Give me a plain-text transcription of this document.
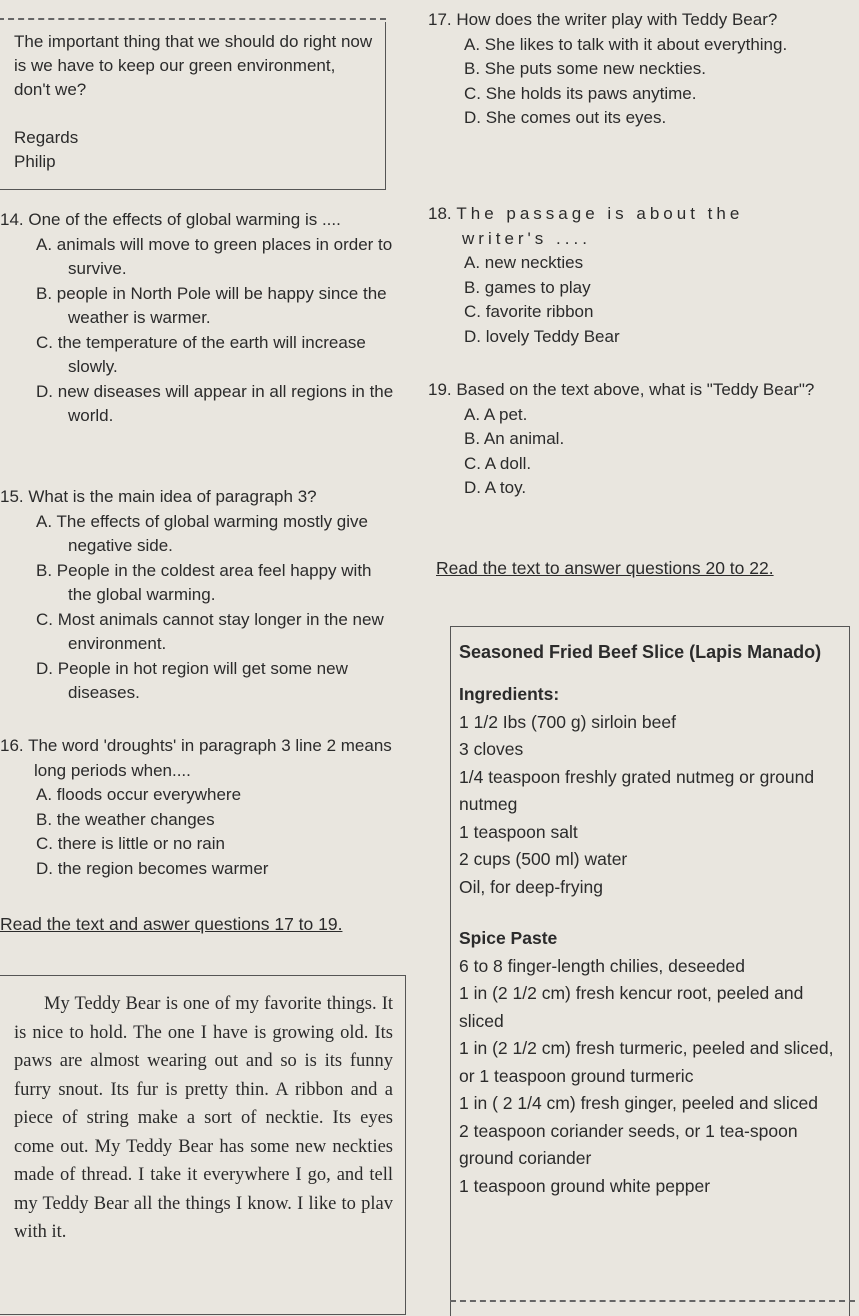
The important thing that we should do right now is we have to keep our green environment, don't we?
Regards
Philip
14. One of the effects of global warming is ....
A. animals will move to green places in order to survive.
B. people in North Pole will be happy since the weather is warmer.
C. the temperature of the earth will increase slowly.
D. new diseases will appear in all regions in the world.
15. What is the main idea of paragraph 3?
A. The effects of global warming mostly give negative side.
B. People in the coldest area feel happy with the global warming.
C. Most animals cannot stay longer in the new environment.
D. People in hot region will get some new diseases.
16. The word 'droughts' in paragraph 3 line 2 means long periods when....
A. floods occur everywhere
B. the weather changes
C. there is little or no rain
D. the region becomes warmer
Read the text and aswer questions 17 to 19.

My Teddy Bear is one of my favorite things. It is nice to hold. The one I have is growing old. Its paws are almost wearing out and so is its funny furry snout. Its fur is pretty thin. A ribbon and a piece of string make a sort of necktie. Its eyes come out. My Teddy Bear has some new neckties made of thread. I take it everywhere I go, and tell my Teddy Bear all the things I know. I like to plav with it.

17. How does the writer play with Teddy Bear?
A. She likes to talk with it about everything.
B. She puts some new neckties.
C. She holds its paws anytime.
D. She comes out its eyes.
18. The passage is about the writer's ....
A. new neckties
B. games to play
C. favorite ribbon
D. lovely Teddy Bear
19. Based on the text above, what is "Teddy Bear"?
A. A pet.
B. An animal.
C. A doll.
D. A toy.
Read the text to answer questions 20 to 22.
Seasoned Fried Beef Slice (Lapis Manado)
Ingredients:

1 1/2 Ibs (700 g) sirloin beef

3 cloves

1/4 teaspoon freshly grated nutmeg or ground nutmeg

1 teaspoon salt

2 cups (500 ml) water

Oil, for deep-frying

Spice Paste

6 to 8 finger-length chilies, deseeded

1 in (2 1/2 cm) fresh kencur root, peeled and sliced

1 in (2 1/2 cm) fresh turmeric, peeled and sliced, or 1 teaspoon ground turmeric

1 in ( 2 1/4 cm) fresh ginger, peeled and sliced

2 teaspoon coriander seeds, or 1 tea-spoon ground coriander

1 teaspoon ground white pepper
